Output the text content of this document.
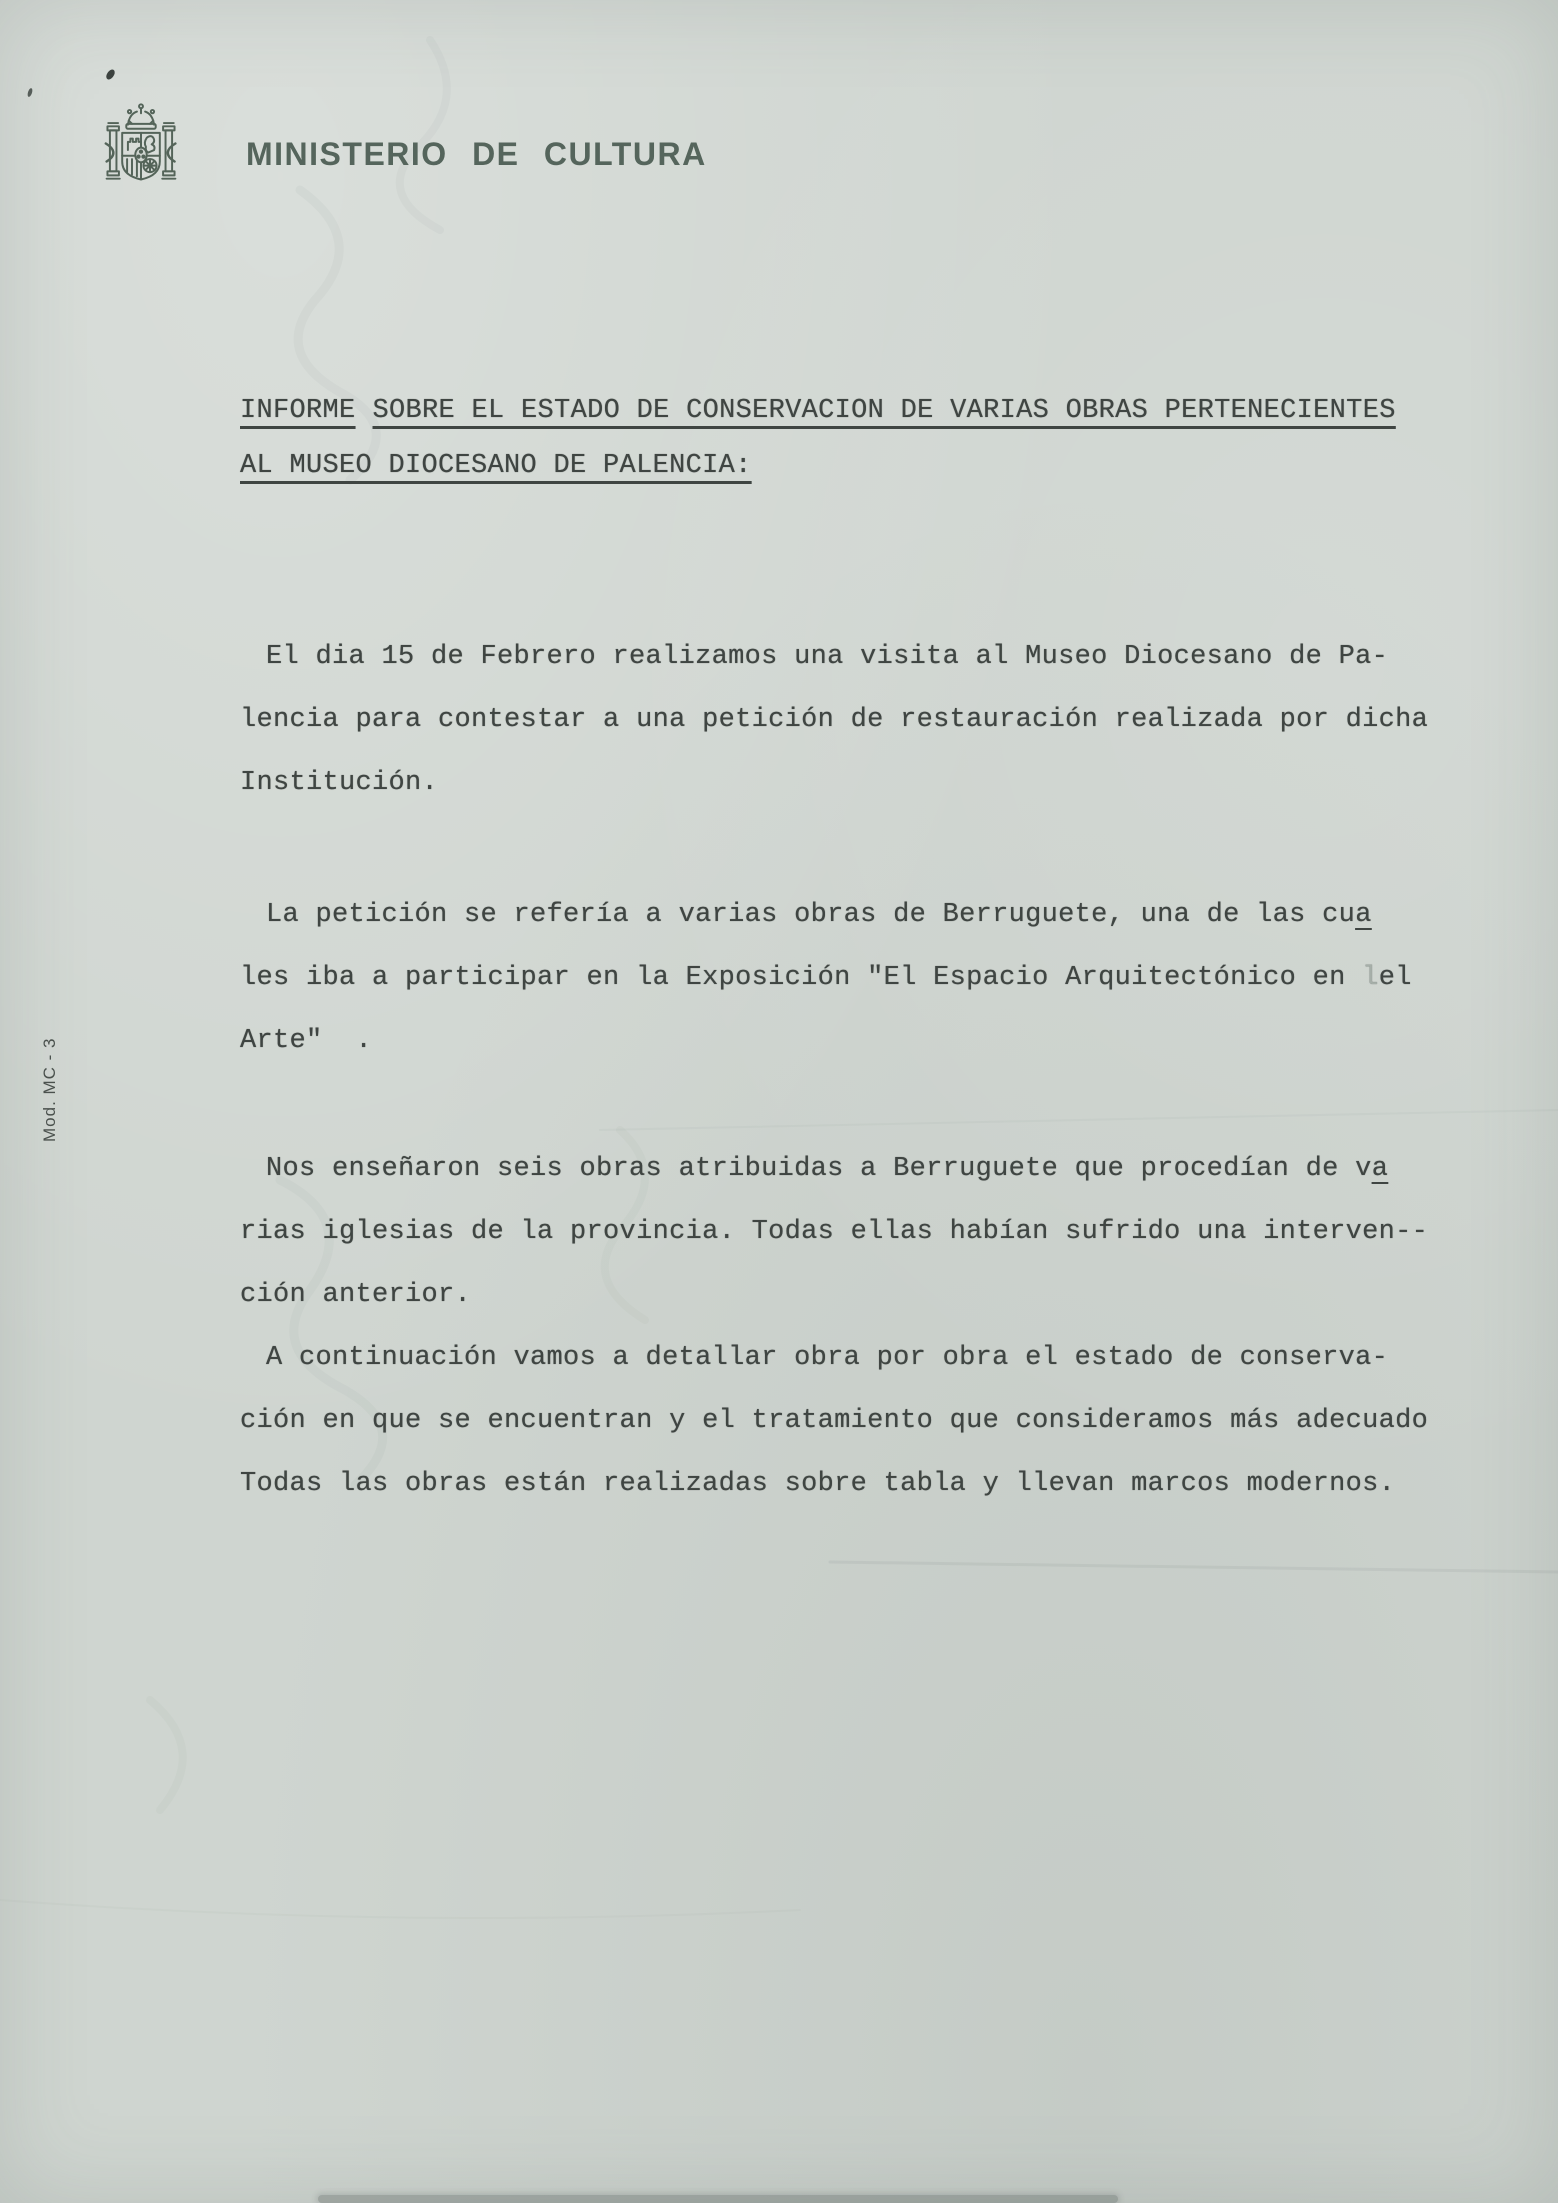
MINISTERIO DE CULTURA
Mod. MC - 3
INFORME SOBRE EL ESTADO DE CONSERVACION DE VARIAS OBRAS PERTENECIENTES
AL MUSEO DIOCESANO DE PALENCIA:
El dia 15 de Febrero realizamos una visita al Museo Diocesano de Pa-
lencia para contestar a una petición de restauración realizada por dicha
Institución.
La petición se refería a varias obras de Berruguete, una de las cua
les iba a participar en la Exposición "El Espacio Arquitectónico en lel
Arte"  .
Nos enseñaron seis obras atribuidas a Berruguete que procedían de va
rias iglesias de la provincia. Todas ellas habían sufrido una interven--
ción anterior.
A continuación vamos a detallar obra por obra el estado de conserva-
ción en que se encuentran y el tratamiento que consideramos más adecuado
Todas las obras están realizadas sobre tabla y llevan marcos modernos.
